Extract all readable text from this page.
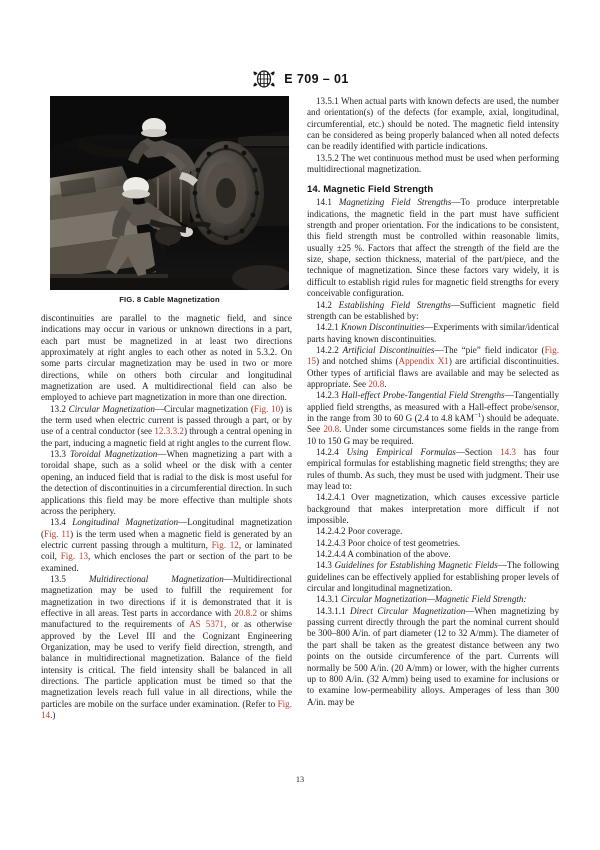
E 709 – 01
FIG. 8 Cable Magnetization

discontinuities are parallel to the magnetic field, and since indications may occur in various or unknown directions in a part, each part must be magnetized in at least two directions approximately at right angles to each other as noted in 5.3.2. On some parts circular magnetization may be used in two or more directions, while on others both circular and longitudinal magnetization are used. A multidirectional field can also be employed to achieve part magnetization in more than one direction.

13.2 Circular Magnetization—Circular magnetization (Fig. 10) is the term used when electric current is passed through a part, or by use of a central conductor (see 12.3.3.2) through a central opening in the part, inducing a magnetic field at right angles to the current flow.

13.3 Toroidal Magnetization—When magnetizing a part with a toroidal shape, such as a solid wheel or the disk with a center opening, an induced field that is radial to the disk is most useful for the detection of discontinuities in a circumferential direction. In such applications this field may be more effective than multiple shots across the periphery.

13.4 Longitudinal Magnetization—Longitudinal magnetization (Fig. 11) is the term used when a magnetic field is generated by an electric current passing through a multiturn, Fig. 12, or laminated coil, Fig. 13, which encloses the part or section of the part to be examined.

13.5 Multidirectional Magnetization—Multidirectional magnetization may be used to fulfill the requirement for magnetization in two directions if it is demonstrated that it is effective in all areas. Test parts in accordance with 20.8.2 or shims manufactured to the requirements of AS 5371, or as otherwise approved by the Level III and the Cognizant Engineering Organization, may be used to verify field direction, strength, and balance in multidirectional magnetization. Balance of the field intensity is critical. The field intensity shall be balanced in all directions. The particle application must be timed so that the magnetization levels reach full value in all directions, while the particles are mobile on the surface under examination. (Refer to Fig. 14.)

13.5.1 When actual parts with known defects are used, the number and orientation(s) of the defects (for example, axial, longitudinal, circumferential, etc.) should be noted. The magnetic field intensity can be considered as being properly balanced when all noted defects can be readily identified with particle indications.

13.5.2 The wet continuous method must be used when performing multidirectional magnetization.

14. Magnetic Field Strength

14.1 Magnetizing Field Strengths—To produce interpretable indications, the magnetic field in the part must have sufficient strength and proper orientation. For the indications to be consistent, this field strength must be controlled within reasonable limits, usually ±25 %. Factors that affect the strength of the field are the size, shape, section thickness, material of the part/piece, and the technique of magnetization. Since these factors vary widely, it is difficult to establish rigid rules for magnetic field strengths for every conceivable configuration.

14.2 Establishing Field Strengths—Sufficient magnetic field strength can be established by:

14.2.1 Known Discontinuities—Experiments with similar/identical parts having known discontinuities.

14.2.2 Artificial Discontinuities—The “pie” field indicator (Fig. 15) and notched shims (Appendix X1) are artificial discontinuities. Other types of artificial flaws are available and may be selected as appropriate. See 20.8.

14.2.3 Hall-effect Probe-Tangential Field Strengths—Tangentially applied field strengths, as measured with a Hall-effect probe/sensor, in the range from 30 to 60 G (2.4 to 4.8 kAM$^{-1}$) should be adequate. See 20.8. Under some circumstances some fields in the range from 10 to 150 G may be required.

14.2.4 Using Empirical Formulas—Section 14.3 has four empirical formulas for establishing magnetic field strengths; they are rules of thumb. As such, they must be used with judgment. Their use may lead to:

14.2.4.1 Over magnetization, which causes excessive particle background that makes interpretation more difficult if not impossible.

14.2.4.2 Poor coverage.

14.2.4.3 Poor choice of test geometries.

14.2.4.4 A combination of the above.

14.3 Guidelines for Establishing Magnetic Fields—The following guidelines can be effectively applied for establishing proper levels of circular and longitudinal magnetization.

14.3.1 Circular Magnetization—Magnetic Field Strength:

14.3.1.1 Direct Circular Magnetization—When magnetizing by passing current directly through the part the nominal current should be 300–800 A/in. of part diameter (12 to 32 A/mm). The diameter of the part shall be taken as the greatest distance between any two points on the outside circumference of the part. Currents will normally be 500 A/in. (20 A/mm) or lower, with the higher currents up to 800 A/in. (32 A/mm) being used to examine for inclusions or to examine low-permeability alloys. Amperages of less than 300 A/in. may be

13
